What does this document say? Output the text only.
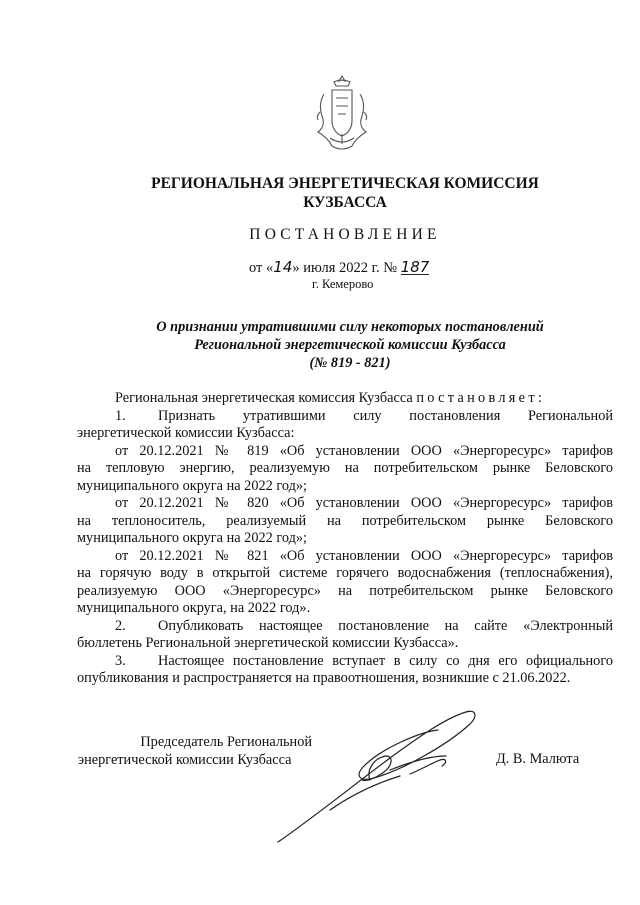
РЕГИОНАЛЬНАЯ ЭНЕРГЕТИЧЕСКАЯ КОМИССИЯ
КУЗБАССА
ПОСТАНОВЛЕНИЕ
от «14» июля 2022 г. № 187
г. Кемерово
О признании утратившими силу некоторых постановлений
Региональной энергетической комиссии Кузбасса
(№ 819 - 821)
Региональная энергетическая комиссия Кузбасса постановляет:
1. Признать утратившими силу постановления Региональной
энергетической комиссии Кузбасса:
от 20.12.2021 № 819 «Об установлении ООО «Энергоресурс» тарифов
на тепловую энергию, реализуемую на потребительском рынке Беловского
муниципального округа на 2022 год»;
от 20.12.2021 № 820 «Об установлении ООО «Энергоресурс» тарифов
на теплоноситель, реализуемый на потребительском рынке Беловского
муниципального округа на 2022 год»;
от 20.12.2021 № 821 «Об установлении ООО «Энергоресурс» тарифов
на горячую воду в открытой системе горячего водоснабжения (теплоснабжения),
реализуемую ООО «Энергоресурс» на потребительском рынке Беловского
муниципального округа, на 2022 год».
2. Опубликовать настоящее постановление на сайте «Электронный
бюллетень Региональной энергетической комиссии Кузбасса».
3. Настоящее постановление вступает в силу со дня его официального
опубликования и распространяется на правоотношения, возникшие с 21.06.2022.
Председатель Региональной
энергетической комиссии Кузбасса	Д. В. Малюта
